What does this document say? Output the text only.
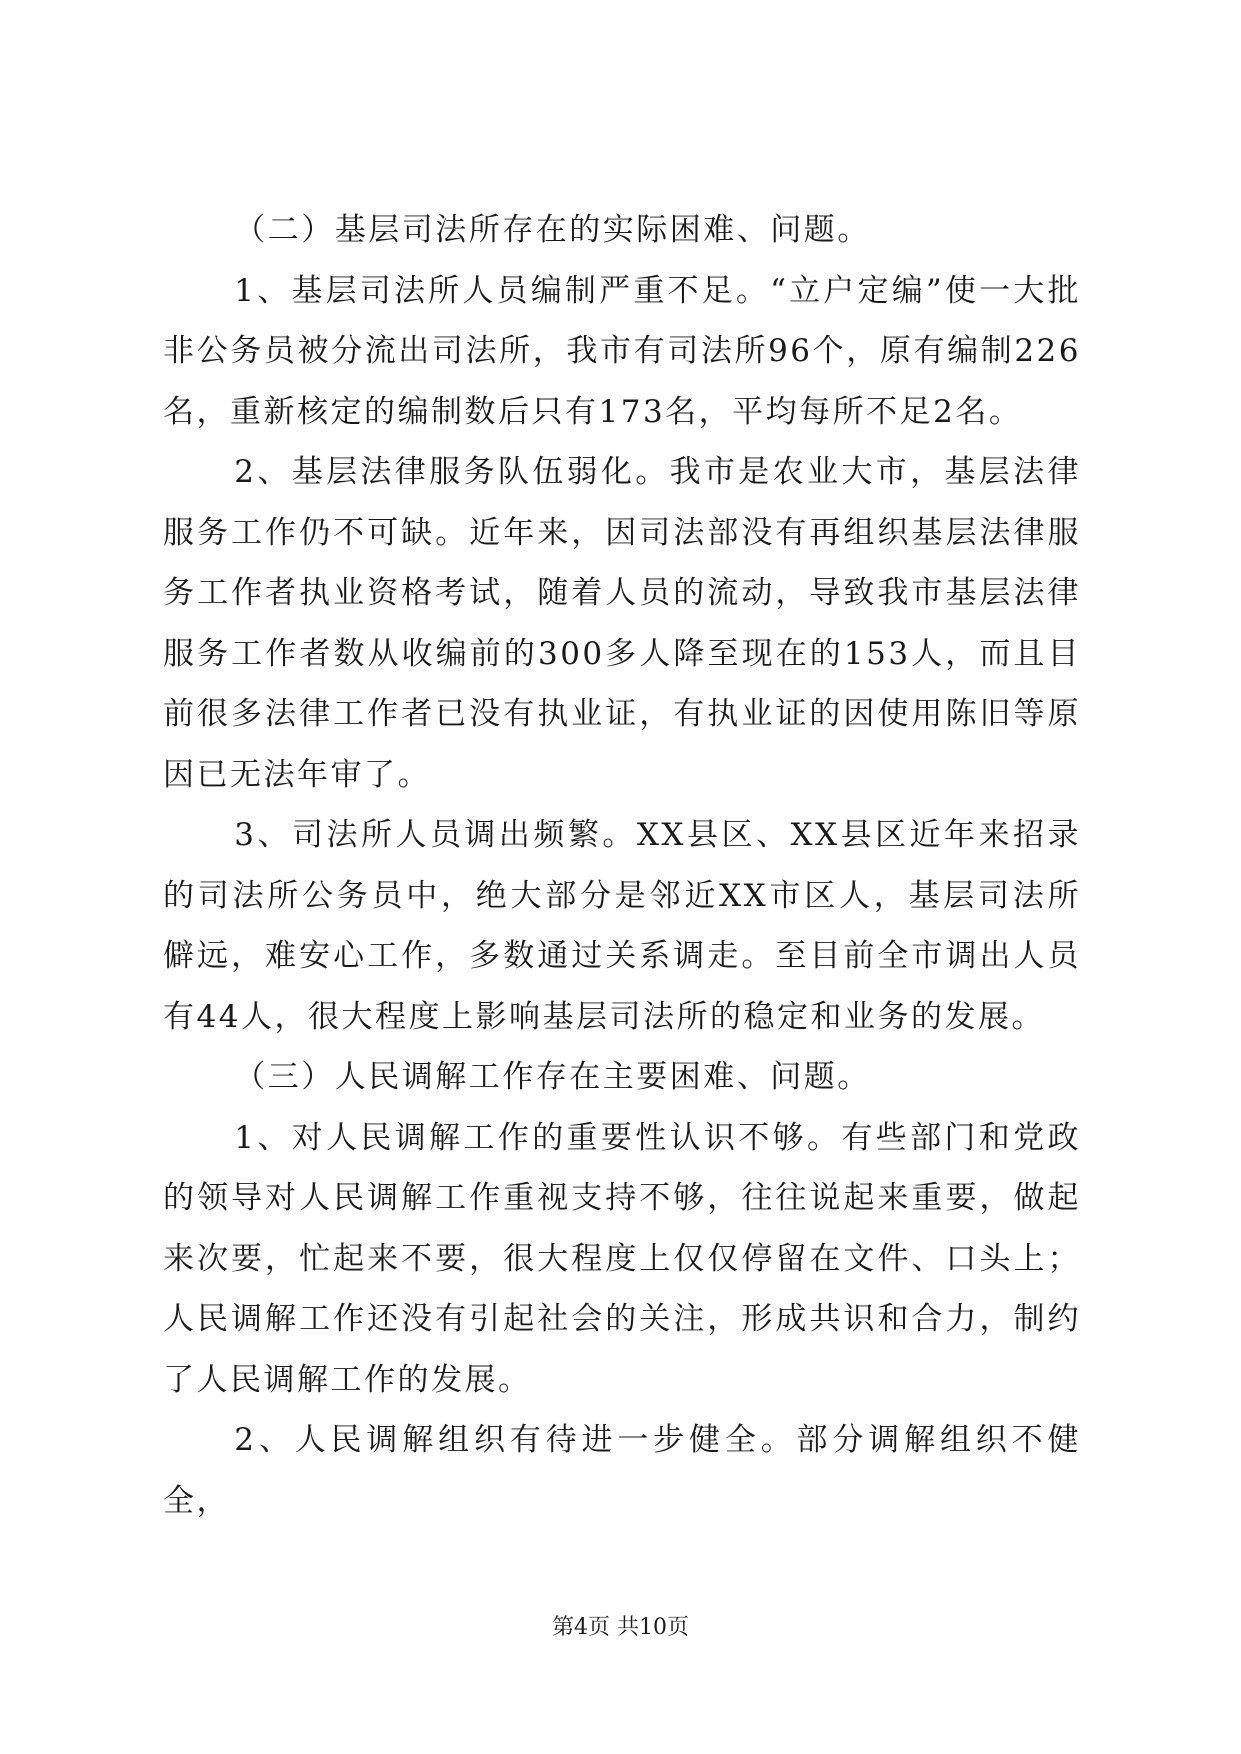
（二）基层司法所存在的实际困难、问题。

1、基层司法所人员编制严重不足。“立户定编”使一大批非公务员被分流出司法所，我市有司法所96个，原有编制226名，重新核定的编制数后只有173名，平均每所不足2名。

2、基层法律服务队伍弱化。我市是农业大市，基层法律服务工作仍不可缺。近年来，因司法部没有再组织基层法律服务工作者执业资格考试，随着人员的流动，导致我市基层法律服务工作者数从收编前的300多人降至现在的153人，而且目前很多法律工作者已没有执业证，有执业证的因使用陈旧等原因已无法年审了。

3、司法所人员调出频繁。XX县区、XX县区近年来招录的司法所公务员中，绝大部分是邻近XX市区人，基层司法所僻远，难安心工作，多数通过关系调走。至目前全市调出人员有44人，很大程度上影响基层司法所的稳定和业务的发展。

（三）人民调解工作存在主要困难、问题。

1、对人民调解工作的重要性认识不够。有些部门和党政的领导对人民调解工作重视支持不够，往往说起来重要，做起来次要，忙起来不要，很大程度上仅仅停留在文件、口头上；人民调解工作还没有引起社会的关注，形成共识和合力，制约了人民调解工作的发展。

2、人民调解组织有待进一步健全。部分调解组织不健全，

第4页 共10页
